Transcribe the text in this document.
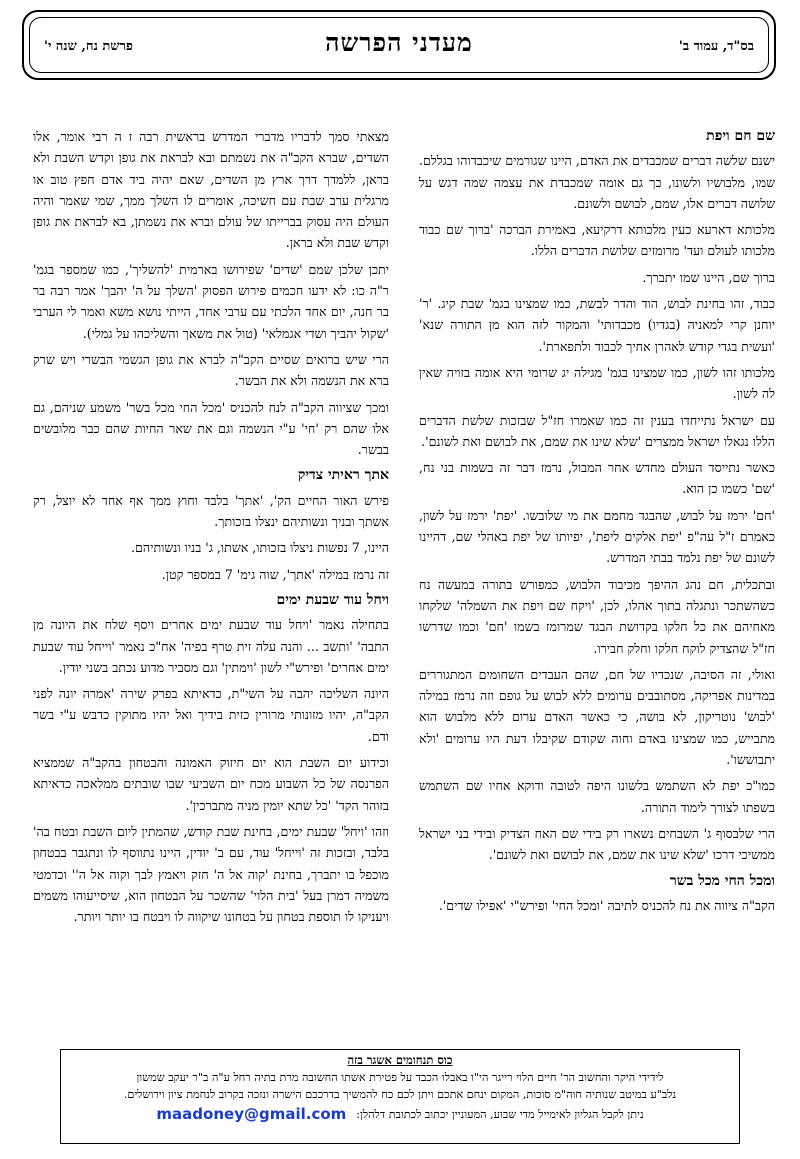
בס"ד, עמוד ב'
מעדני הפרשה
פרשת נח, שנה י'

שם חם ויפת

ישנם שלשה דברים שמכבדים את האדם, היינו שגורמים שיכבדוהו בגללם. שמו, מלבושיו ולשונו, כך גם אומה שמכבדת את עצמה שמה דגש על שלושה דברים אלו, שמם, לבושם ולשונם.

מלכותא דארעא כעין מלכותא דרקיעא, באמירת הברכה 'ברוך שם כבוד מלכותו לעולם ועד' מרומזים שלושת הדברים הללו.

ברוך שם, היינו שמו יתברך.

כבוד, זהו בחינת לבוש, הוד והדר לבשת, כמו שמצינו בגמ' שבת קיג. 'ר' יוחנן קרי למאניה (בגדיו) מכבדותי' והמקור לזה הוא מן התורה שנא' 'ועשית בגדי קודש לאהרן אחיך לכבוד ולתפארת'.

מלכותו זהו לשון, כמו שמצינו בגמ' מגילה יג שרומי היא אומה בזויה שאין לה לשון.

עם ישראל נתייחדו בענין זה כמו שאמרו חז"ל שבזכות שלשת הדברים הללו נגאלו ישראל ממצרים 'שלא שינו את שמם, את לבושם ואת לשונם'.

כאשר נתייסד העולם מחדש אחר המבול, נרמז דבר זה בשמות בני נח, 'שם' כשמו כן הוא.

'חם' ירמז על לבוש, שהבגד מחמם את מי שלובשו. 'יפת' ירמז על לשון, כאמרם ז"ל עה"פ 'יפת אלקים ליפת', יפיותו של יפת באהלי שם, דהיינו לשונם של יפת נלמד בבתי המדרש.

ובתכלית, חם נהג ההיפך מכיבוד הלבוש, כמפורש בתורה במעשה נח כשהשתכר ונתגלה בתוך אהלו, לכן, 'ויקח שם ויפת את השמלה' שלקחו מאחיהם את כל חלקו בקדושת הבגד שמרומז בשמו 'חם' וכמו שדרשו חז"ל שהצדיק לוקח חלקו וחלק חבירו.

ואולי, זה הסיבה, שנכדיו של חם, שהם העבדים השחומים המתגוררים במדינות אפריקה, מסתובבים ערומים ללא לבוש על גופם וזה נרמז במילה 'לבוש' נוטריקון, לא בושה, כי כאשר האדם ערום ללא מלבוש הוא מתבייש, כמו שמצינו באדם וחוה שקודם שקיבלו דעת היו ערומים 'ולא יתבוששו'.

כמו"כ יפת לא השתמש בלשונו היפה לטובה ודוקא אחיו שם השתמש בשפתו לצורך לימוד התורה.

הרי שלבסוף ג' השבחים נשארו רק בידי שם האח הצדיק ובידי בני ישראל ממשיכי דרכו 'שלא שינו את שמם, את לבושם ואת לשונם'.

ומכל החי מכל בשר

הקב"ה ציווה את נח להכניס לתיבה 'ומכל החי' ופירש"י 'אפילו שדים'.

מצאתי סמך לדבריו מדברי המדרש בראשית רבה ז ה רבי אומר, אלו השדים, שברא הקב"ה את נשמתם ובא לבראת את גופן וקדש השבת ולא בראן, ללמדך דרך ארץ מן השדים, שאם יהיה ביד אדם חפץ טוב או מרגלית ערב שבת עם חשיכה, אומרים לו השלך ממך, שמי שאמר והיה העולם היה עסוק בברייתו של עולם וברא את נשמתן, בא לבראת את גופן וקדש שבת ולא בראן.

יתכן שלכן שמם 'שדים' שפירושו בארמית 'להשליך', כמו שמספר בגמ' ר"ה כו: לא ידעו חכמים פירוש הפסוק 'השלך על ה' יהבך' אמר רבה בר בר חנה, יום אחד הלכתי עם ערבי אחד, הייתי נושא משא ואמר לי הערבי 'שקול יהביך ושדי אגמלאי' (טול את משאך והשליכהו על גמלי).

הרי שיש ברואים שסיים הקב"ה לברא את גופן הגשמי הבשרי ויש שרק ברא את הנשמה ולא את הבשר.

ומכך שציווה הקב"ה לנח להכניס 'מכל החי מכל בשר' משמע שניהם, גם אלו שהם רק 'חי' ע"י הנשמה וגם את שאר החיות שהם כבר מלובשים בבשר.

אתך ראיתי צדיק

פירש האור החיים הק', 'אתך' בלבד וחוץ ממך אף אחד לא יוצל, רק אשתך ובניך ונשותיהם ינצלו בזכותך.

היינו, 7 נפשות ניצלו בזכותו, אשתו, ג' בניו ונשותיהם.

זה נרמז במילה 'אתך', שוה גימ' 7 במספר קטן.

ויחל עוד שבעת ימים

בתחילה נאמר 'ויחל עוד שבעת ימים אחרים ויסף שלח את היונה מן התבה' 'ותשב ... והנה עלה זית טרף בפיה' אח"כ נאמר 'וייחל עוד שבעת ימים אחרים' ופירש"י לשון 'וימתין' וגם מסביר מדוע נכתב בשני יודין.

היונה השליכה יהבה על השי"ת, כדאיתא בפרק שירה 'אמרה יונה לפני הקב"ה, יהיו מזונותי מרורין כזית בידיך ואל יהיו מתוקין כדבש ע"י בשר ודם.

וכידוע יום השבת הוא יום חיזוק האמונה והבטחון בהקב"ה שממציא הפרנסה של כל השבוע מכח יום השביעי שבו שובתים ממלאכה כדאיתא בזוהר הקד' 'כל שתא יומין מניה מתברכין'.

וזהו 'ויחל' שבעת ימים, בחינת שבת קודש, שהמתין ליום השבת ובטח בה' בלבד, ובזכות זה 'וייחל' עוד, עם ב' יודין, היינו נתווסף לו ונתגבר בבטחון מוכפל בו יתברך, בחינת 'קוה אל ה' חזק ויאמץ לבך וקוה אל ה'' וכדמטי משמיה דמרן בעל 'בית הלוי' שהשכר על הבטחון הוא, שיסייעוהו משמים ויעניקו לו תוספת בטחון על בטחונו שיקווה לו ויבטח בו יותר ויותר.

כוס תנחומים אשגר בזה
לידידי היקר והחשוב הר' חיים הלוי רייגר הי"ו באבלו הכבד על פטירת אשתו החשובה מרת בתיה רחל ע"ה ב"ר יעקב שמשון
נלב"ע במיטב שנותיה חוה"מ סוכות, המקום ינחם אתכם ויתן לכם כח להמשיך בדרככם הישרה ונזכה בקרוב לנחמת ציון וירושלים.
ניתן לקבל הגליון לאימייל מדי שבוע, המעוניין יכתוב לכתובת דלהלן:
maadoney@gmail.com
